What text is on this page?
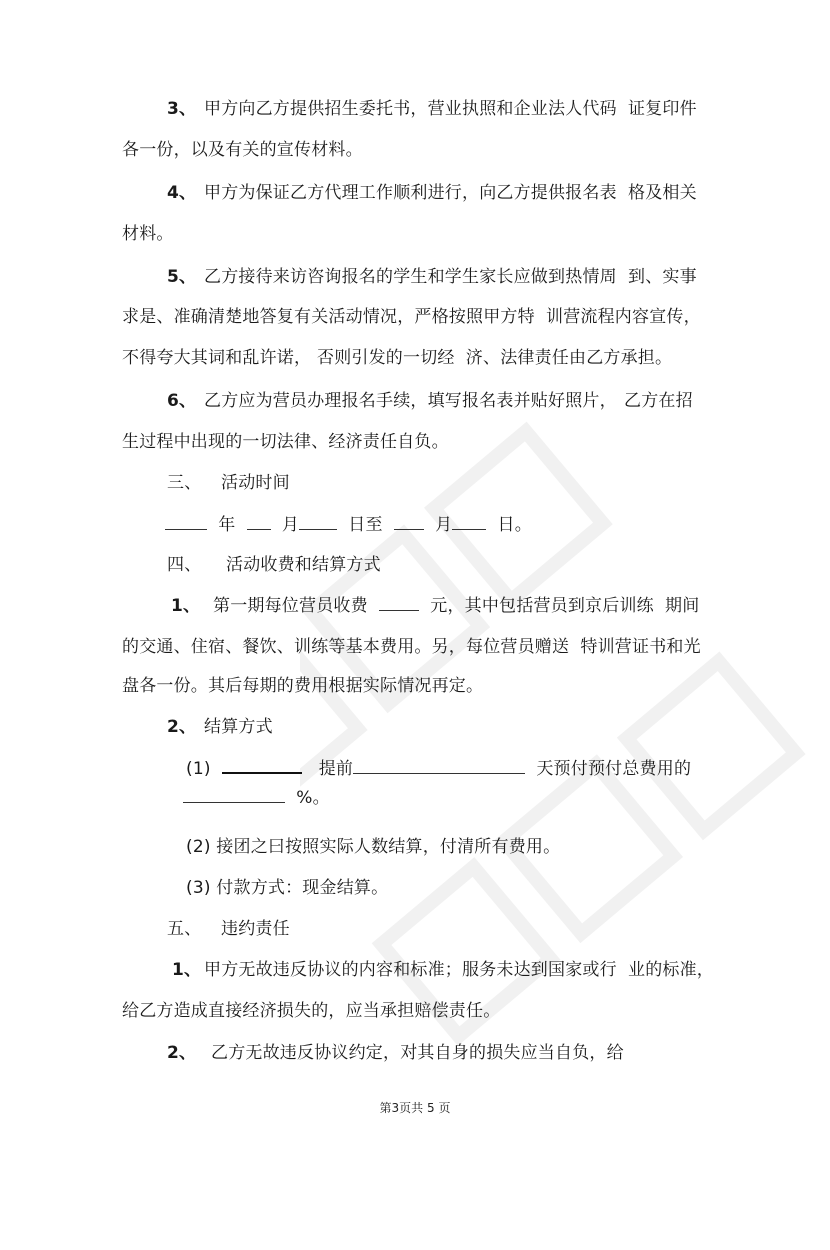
3、 甲方向乙方提供招生委托书，营业执照和企业法人代码  证复印件
各一份，以及有关的宣传材料。
4、 甲方为保证乙方代理工作顺利进行，向乙方提供报名表  格及相关
材料。
5、 乙方接待来访咨询报名的学生和学生家长应做到热情周  到、实事
求是、准确清楚地答复有关活动情况，严格按照甲方特  训营流程内容宣传，
不得夸大其词和乱许诺， 否则引发的一切经  济、法律责任由乙方承担。
6、 乙方应为营员办理报名手续，填写报名表并贴好照片， 乙方在招
生过程中出现的一切法律、经济责任自负。
三、 活动时间
年	月	日至	月	日。
四、 活动收费和结算方式
1、 第一期每位营员收费	元，其中包括营员到京后训练  期间
的交通、住宿、餐饮、训练等基本费用。另，每位营员赠送  特训营证书和光
盘各一份。其后每期的费用根据实际情况再定。
2、 结算方式
(1)	提前	天预付预付总费用的
%。
(2) 接团之曰按照实际人数结算，付清所有费用。
(3) 付款方式：现金结算。
五、 违约责任
1、 甲方无故违反协议的内容和标准；服务未达到国家或行  业的标准，
给乙方造成直接经济损失的，应当承担赔偿责任。
2、 乙方无故违反协议约定，对其自身的损失应当自负，给
第3页共 5 页
